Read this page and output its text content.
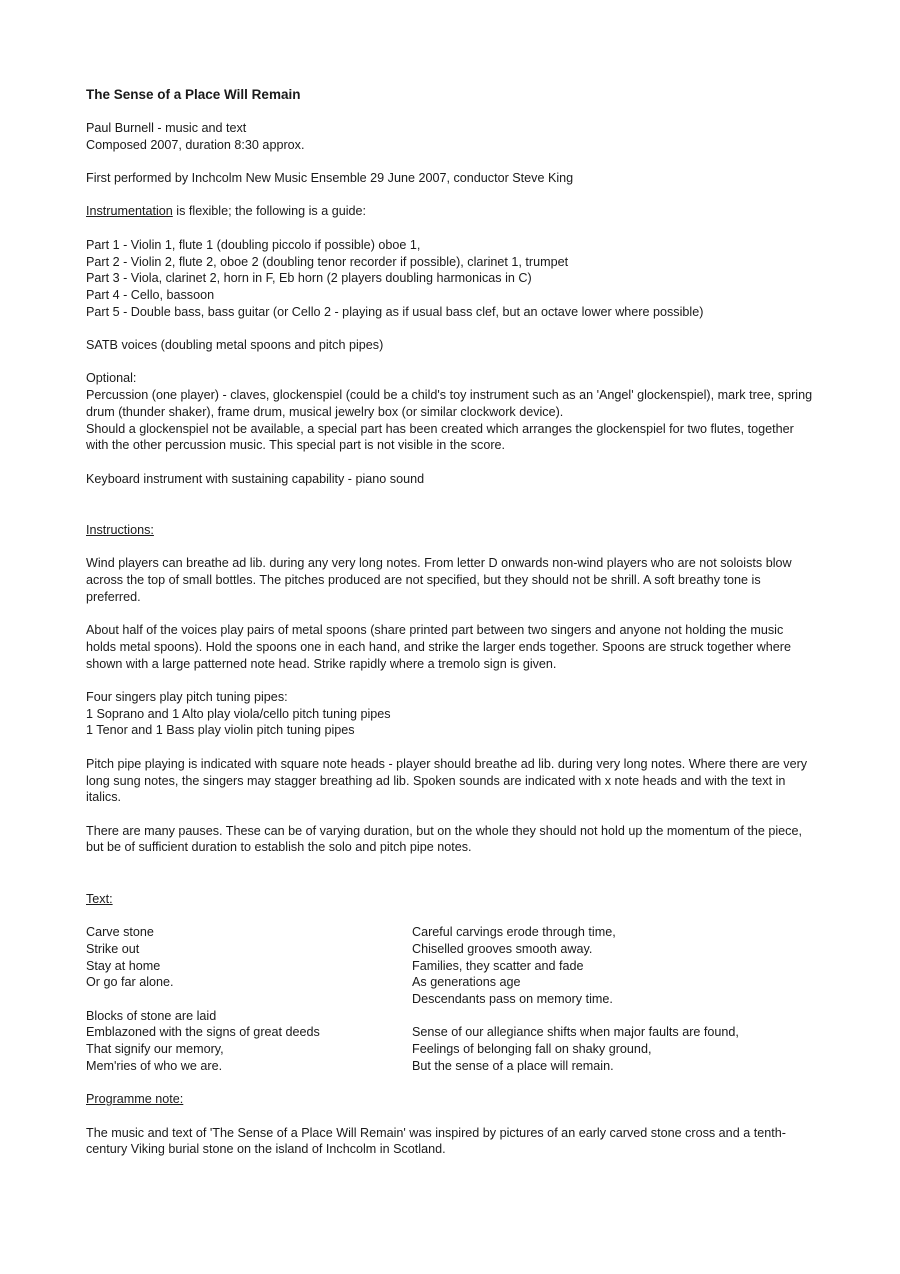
The Sense of a Place Will Remain

Paul Burnell - music and text

Composed 2007, duration 8:30 approx.

First performed by Inchcolm New Music Ensemble 29 June 2007, conductor Steve King

Instrumentation is flexible; the following is a guide:

Part 1 - Violin 1, flute 1 (doubling piccolo if possible) oboe 1,

Part 2 - Violin 2, flute 2, oboe 2 (doubling tenor recorder if possible), clarinet 1, trumpet

Part 3 - Viola, clarinet 2, horn in F, Eb horn (2 players doubling harmonicas in C)

Part 4 - Cello, bassoon

Part 5 - Double bass, bass guitar (or Cello 2 - playing as if usual bass clef, but an octave lower where possible)

SATB voices (doubling metal spoons and pitch pipes)

Optional:

Percussion (one player) - claves, glockenspiel (could be a child's toy instrument such as an 'Angel' glockenspiel), mark tree, spring drum (thunder shaker), frame drum, musical jewelry box (or similar clockwork device).

Should a glockenspiel not be available, a special part has been created which arranges the glockenspiel for two flutes, together with the other percussion music. This special part is not visible in the score.

Keyboard instrument with sustaining capability - piano sound

Instructions:

Wind players can breathe ad lib. during any very long notes. From letter D onwards non-wind players who are not soloists blow across the top of small bottles. The pitches produced are not specified, but they should not be shrill. A soft breathy tone is preferred.

About half of the voices play pairs of metal spoons (share printed part between two singers and anyone not holding the music holds metal spoons). Hold the spoons one in each hand, and strike the larger ends together. Spoons are struck together where shown with a large patterned note head. Strike rapidly where a tremolo sign is given.

Four singers play pitch tuning pipes:

1 Soprano and 1 Alto play viola/cello pitch tuning pipes

1 Tenor and 1 Bass play violin pitch tuning pipes

Pitch pipe playing is indicated with square note heads - player should breathe ad lib. during very long notes. Where there are very long sung notes, the singers may stagger breathing ad lib. Spoken sounds are indicated with x note heads and with the text in italics.

There are many pauses. These can be of varying duration, but on the whole they should not hold up the momentum of the piece, but be of sufficient duration to establish the solo and pitch pipe notes.

Text:

Carve stone

Strike out

Stay at home

Or go far alone.

Blocks of stone are laid

Emblazoned with the signs of great deeds

That signify our memory,

Mem'ries of who we are.

Careful carvings erode through time,

Chiselled grooves smooth away.

Families, they scatter and fade

As generations age

Descendants pass on memory time.

Sense of our allegiance shifts when major faults are found,

Feelings of belonging fall on shaky ground,

But the sense of a place will remain.

Programme note:

The music and text of 'The Sense of a Place Will Remain' was inspired by pictures of an early carved stone cross and a tenth-century Viking burial stone on the island of Inchcolm in Scotland.
